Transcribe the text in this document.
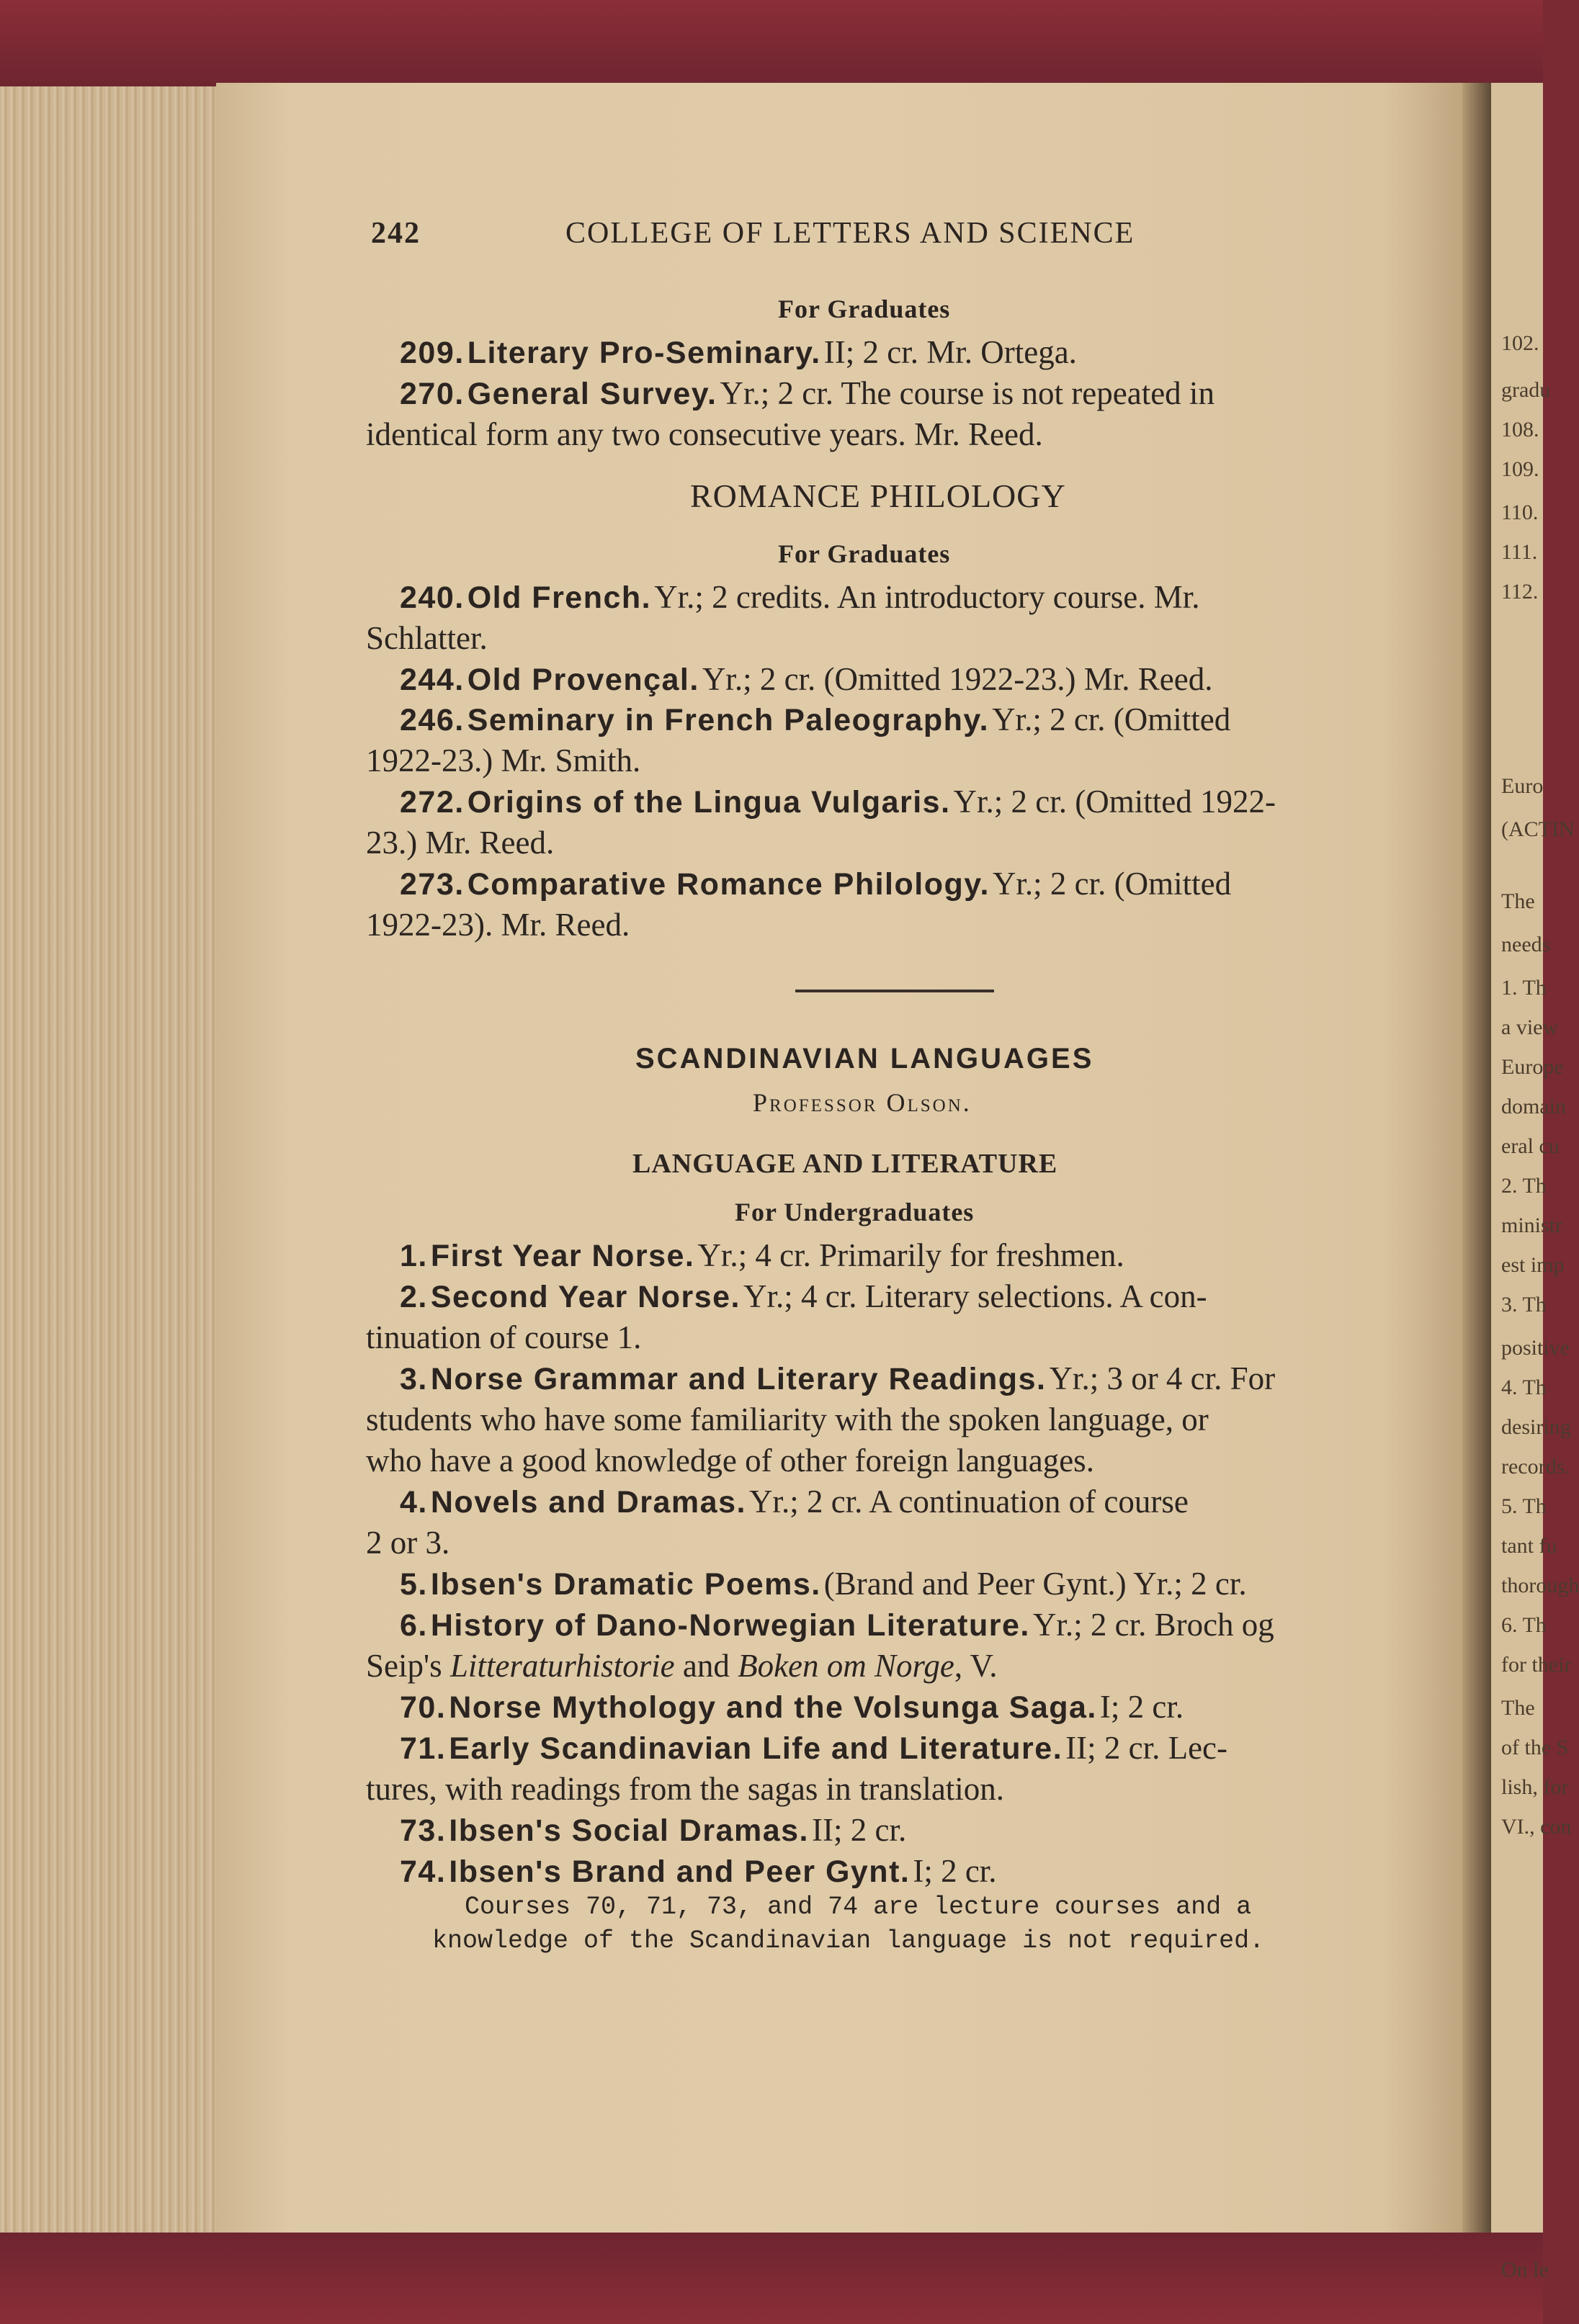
102.
gradu
108.
109.
110.
111.
112.
Euro
(ACTIN
The
needs
1. Th
a view
Europe
domain
eral cu
2. Th
ministr
est imp
3. Th
positive
4. Th
desiring
records.
5. Th
tant fu
thorough
6. Th
for their
The
of the S
lish, for
VI., con
On le
242	COLLEGE OF LETTERS AND SCIENCE
For Graduates
209. Literary Pro-Seminary. II; 2 cr. Mr. Ortega.
270. General Survey. Yr.; 2 cr. The course is not repeated in
identical form any two consecutive years. Mr. Reed.
ROMANCE PHILOLOGY
For Graduates
240. Old French. Yr.; 2 credits. An introductory course. Mr.
Schlatter.
244. Old Provençal. Yr.; 2 cr. (Omitted 1922-23.) Mr. Reed.
246. Seminary in French Paleography. Yr.; 2 cr. (Omitted
1922-23.) Mr. Smith.
272. Origins of the Lingua Vulgaris. Yr.; 2 cr. (Omitted 1922-
23.) Mr. Reed.
273. Comparative Romance Philology. Yr.; 2 cr. (Omitted
1922-23). Mr. Reed.
SCANDINAVIAN LANGUAGES
Professor Olson.
LANGUAGE AND LITERATURE
For Undergraduates
1. First Year Norse. Yr.; 4 cr. Primarily for freshmen.
2. Second Year Norse. Yr.; 4 cr. Literary selections. A con-
tinuation of course 1.
3. Norse Grammar and Literary Readings. Yr.; 3 or 4 cr. For
students who have some familiarity with the spoken language, or
who have a good knowledge of other foreign languages.
4. Novels and Dramas. Yr.; 2 cr. A continuation of course
2 or 3.
5. Ibsen's Dramatic Poems. (Brand and Peer Gynt.) Yr.; 2 cr.
6. History of Dano-Norwegian Literature. Yr.; 2 cr. Broch og
Seip's Litteraturhistorie and Boken om Norge, V.
70. Norse Mythology and the Volsunga Saga. I; 2 cr.
71. Early Scandinavian Life and Literature. II; 2 cr. Lec-
tures, with readings from the sagas in translation.
73. Ibsen's Social Dramas. II; 2 cr.
74. Ibsen's Brand and Peer Gynt. I; 2 cr.
Courses 70, 71, 73, and 74 are lecture courses and a
knowledge of the Scandinavian language is not required.
